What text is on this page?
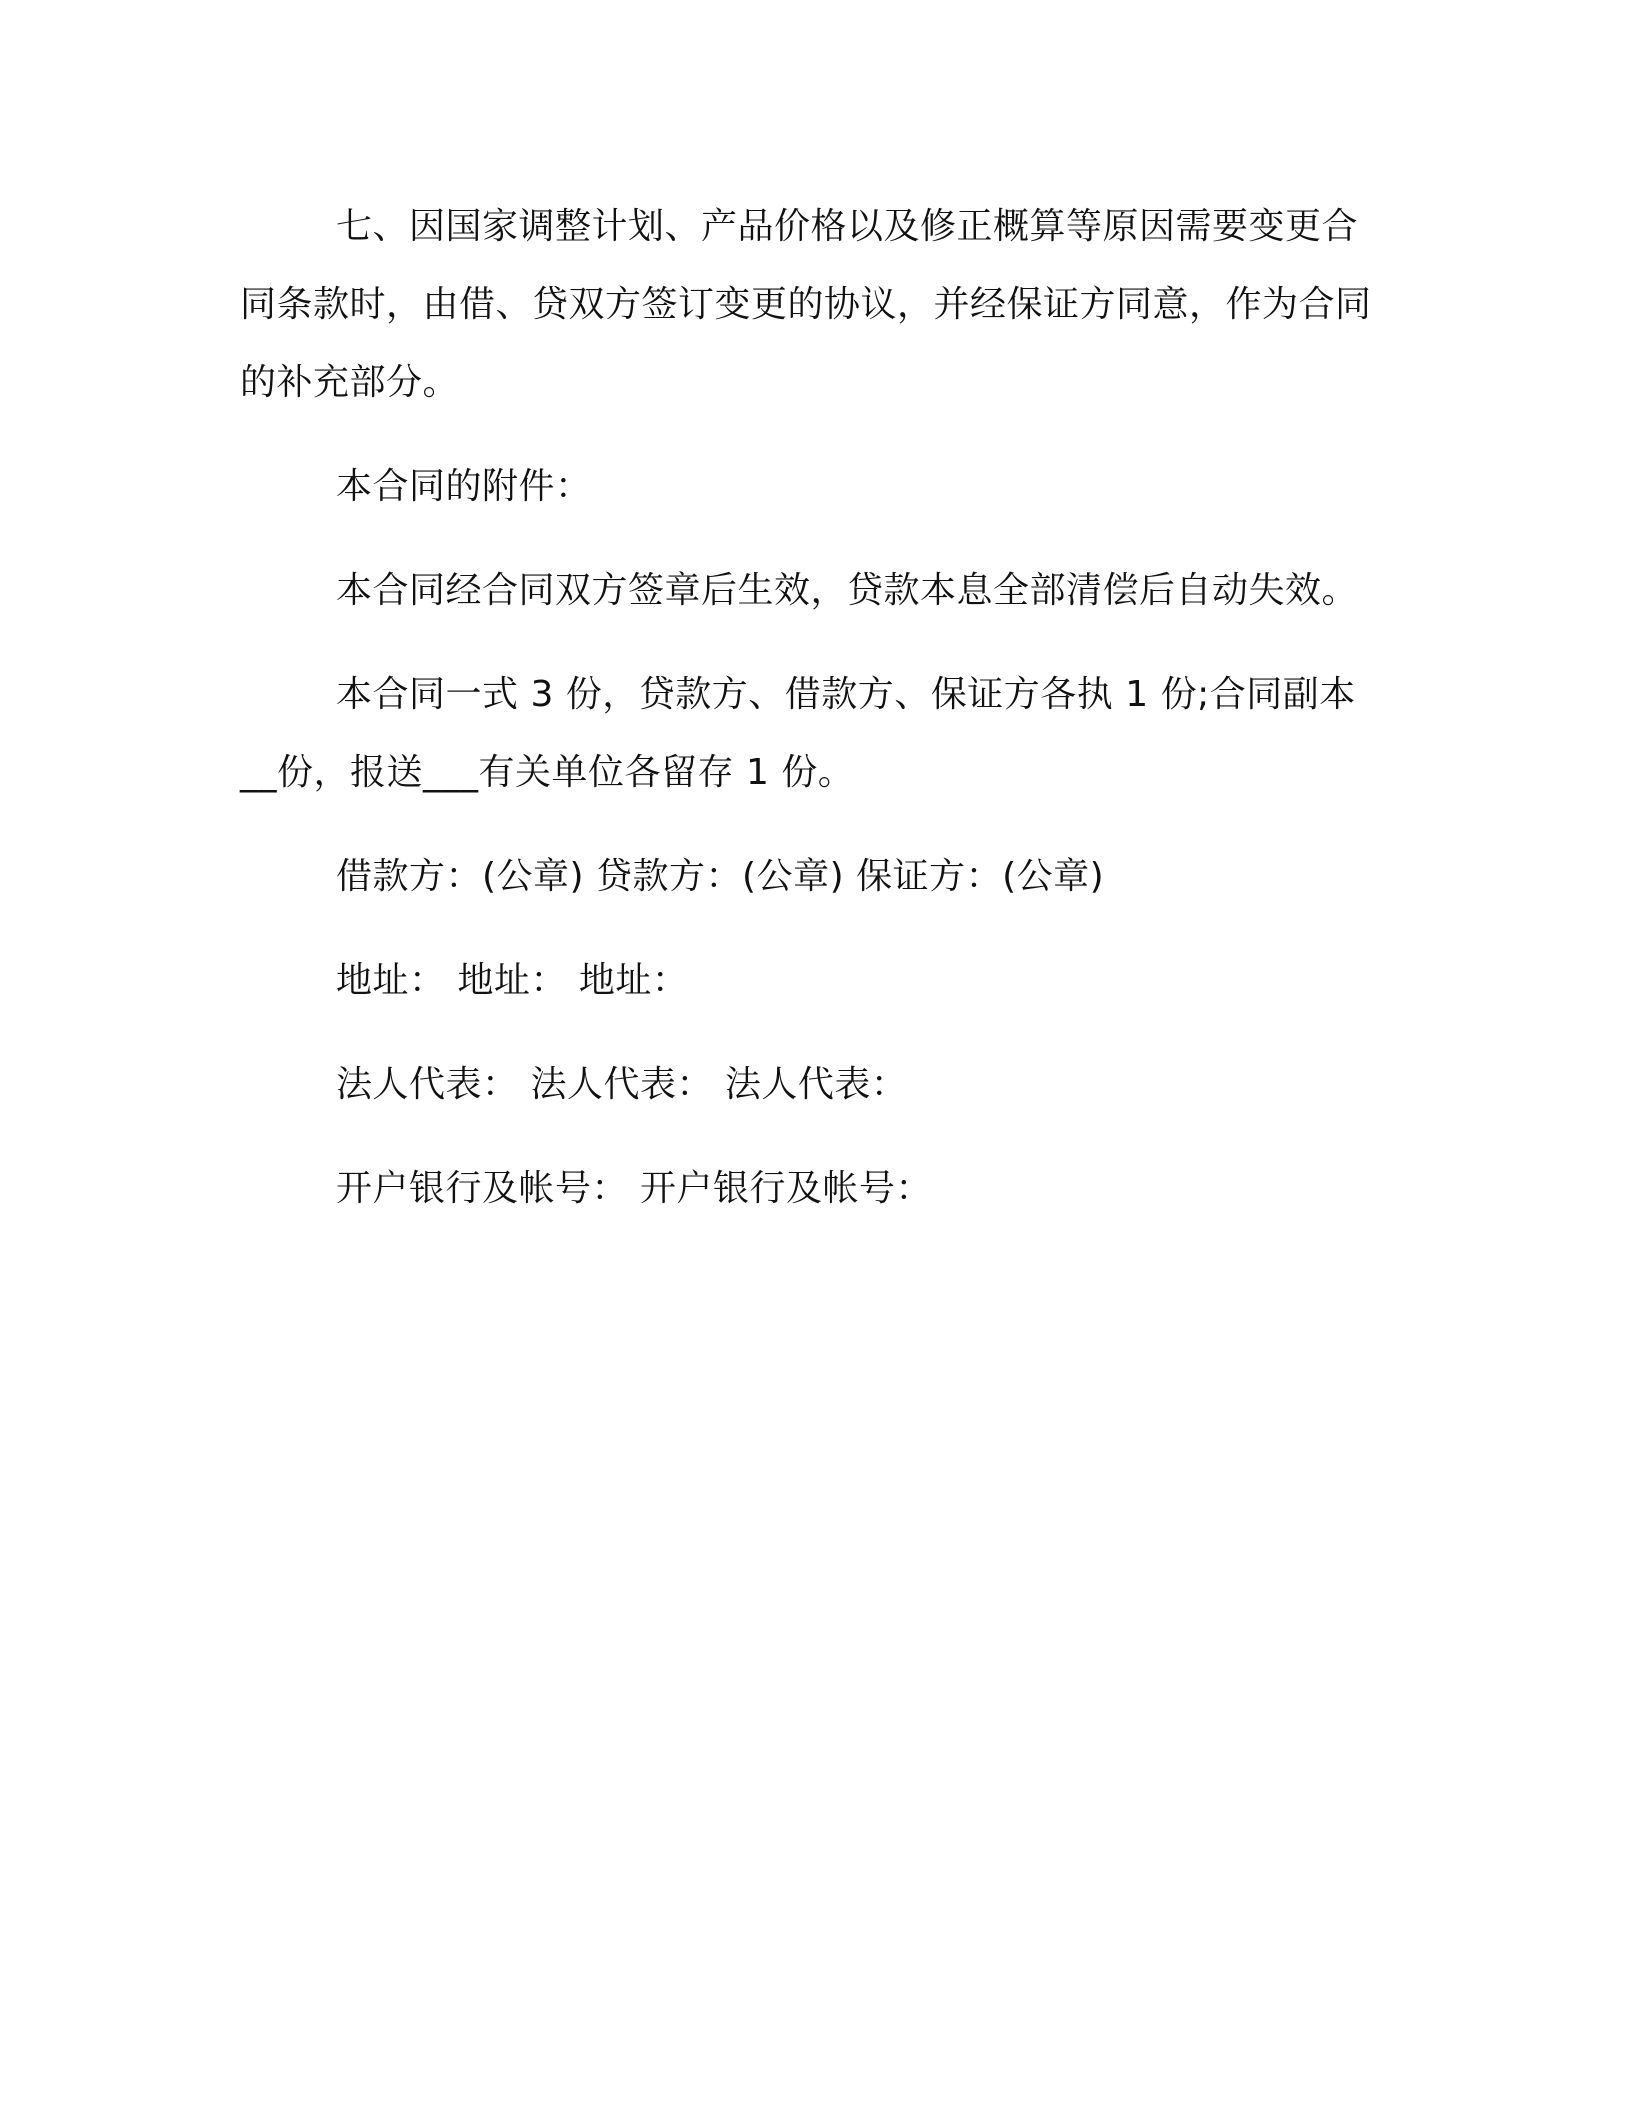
七、因国家调整计划、产品价格以及修正概算等原因需要变更合同条款时，由借、贷双方签订变更的协议，并经保证方同意，作为合同的补充部分。

本合同的附件：

本合同经合同双方签章后生效，贷款本息全部清偿后自动失效。

本合同一式 3 份，贷款方、借款方、保证方各执 1 份;合同副本__份，报送___有关单位各留存 1 份。

借款方：(公章) 贷款方：(公章) 保证方：(公章)

地址： 地址： 地址：

法人代表： 法人代表： 法人代表：

开户银行及帐号： 开户银行及帐号：
